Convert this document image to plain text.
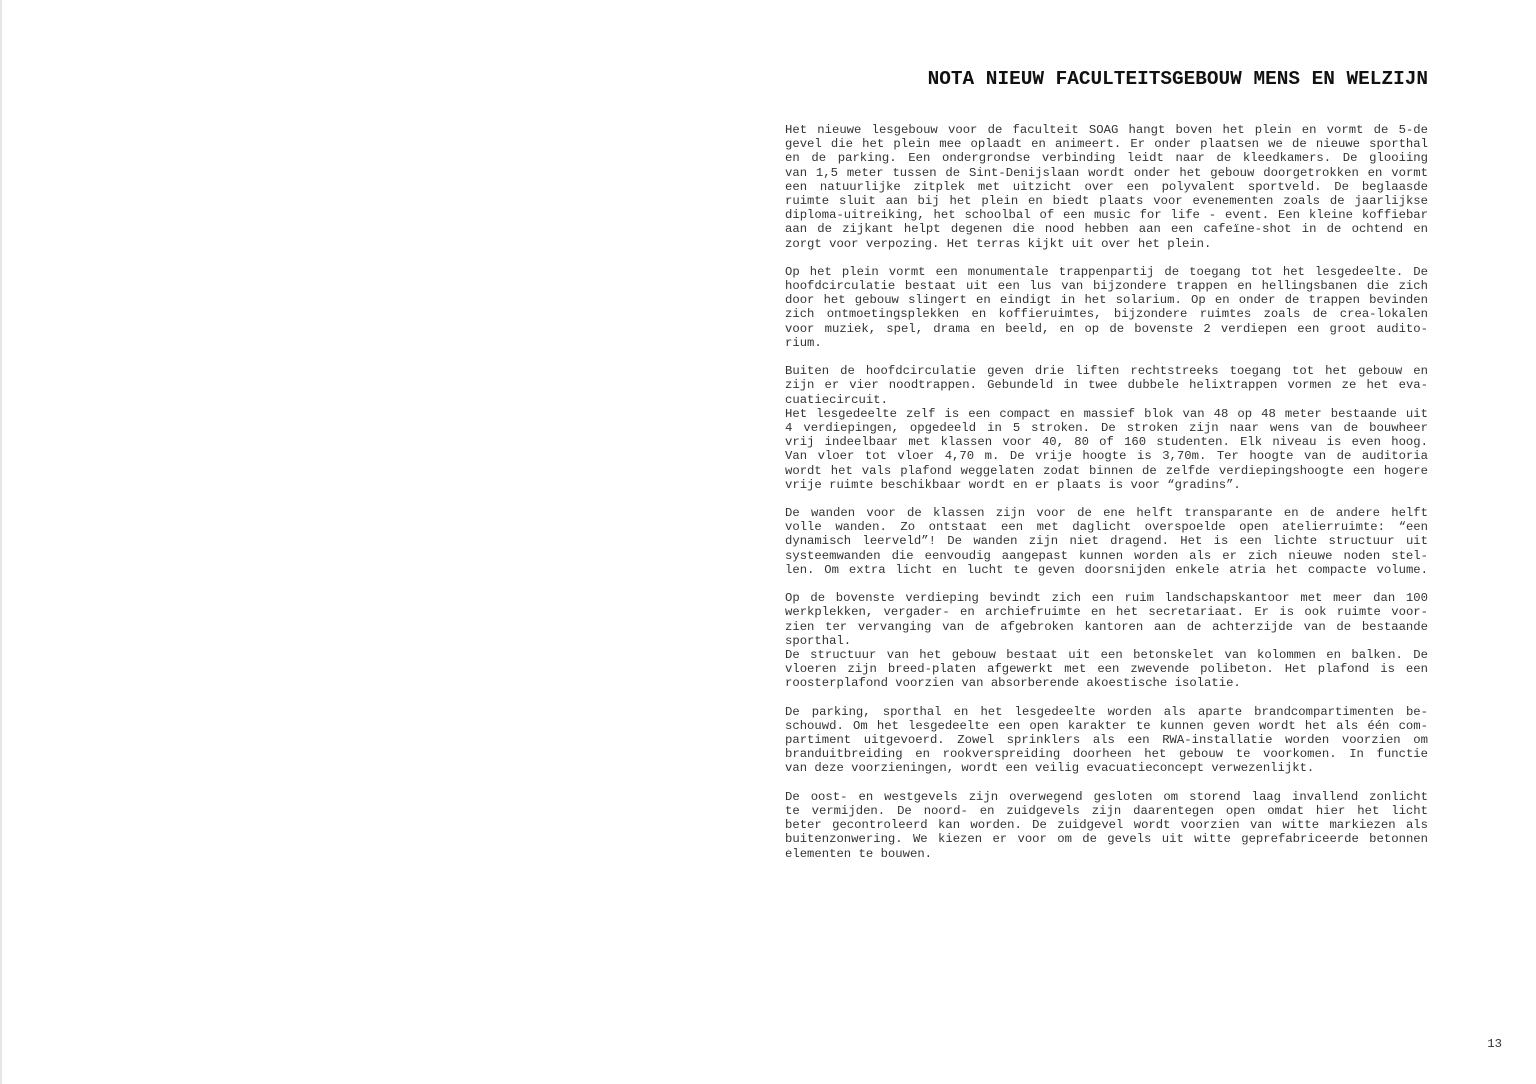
NOTA NIEUW FACULTEITSGEBOUW MENS EN WELZIJN
Het nieuwe lesgebouw voor de faculteit SOAG hangt boven het plein en vormt de 5-de
gevel die het plein mee oplaadt en animeert. Er onder plaatsen we de nieuwe sporthal
en de parking. Een ondergrondse verbinding leidt naar de kleedkamers. De glooiing
van 1,5 meter tussen de Sint-Denijslaan wordt onder het gebouw doorgetrokken en vormt
een natuurlijke zitplek met uitzicht over een polyvalent sportveld. De beglaasde
ruimte sluit aan bij het plein en biedt plaats voor evenementen zoals de jaarlijkse
diploma-uitreiking, het schoolbal of een music for life - event. Een kleine koffiebar
aan de zijkant helpt degenen die nood hebben aan een cafeïne-shot in de ochtend en
zorgt voor verpozing. Het terras kijkt uit over het plein.
Op het plein vormt een monumentale trappenpartij de toegang tot het lesgedeelte. De
hoofdcirculatie bestaat uit een lus van bijzondere trappen en hellingsbanen die zich
door het gebouw slingert en eindigt in het solarium. Op en onder de trappen bevinden
zich ontmoetingsplekken en koffieruimtes, bijzondere ruimtes zoals de crea-lokalen
voor muziek, spel, drama en beeld, en op de bovenste 2 verdiepen een groot audito-
rium.
Buiten de hoofdcirculatie geven drie liften rechtstreeks toegang tot het gebouw en
zijn er vier noodtrappen. Gebundeld in twee dubbele helixtrappen vormen ze het eva-
cuatiecircuit.
Het lesgedeelte zelf is een compact en massief blok van 48 op 48 meter bestaande uit
4 verdiepingen, opgedeeld in 5 stroken. De stroken zijn naar wens van de bouwheer
vrij indeelbaar met klassen voor 40, 80 of 160 studenten. Elk niveau is even hoog.
Van vloer tot vloer 4,70 m. De vrije hoogte is 3,70m. Ter hoogte van de auditoria
wordt het vals plafond weggelaten zodat binnen de zelfde verdiepingshoogte een hogere
vrije ruimte beschikbaar wordt en er plaats is voor “gradins”.
De wanden voor de klassen zijn voor de ene helft transparante en de andere helft
volle wanden. Zo ontstaat een met daglicht overspoelde open atelierruimte: “een
dynamisch leerveld”! De wanden zijn niet dragend. Het is een lichte structuur uit
systeemwanden die eenvoudig aangepast kunnen worden als er zich nieuwe noden stel-
len. Om extra licht en lucht te geven doorsnijden enkele atria het compacte volume.
Op de bovenste verdieping bevindt zich een ruim landschapskantoor met meer dan 100
werkplekken, vergader- en archiefruimte en het secretariaat. Er is ook ruimte voor-
zien ter vervanging van de afgebroken kantoren aan de achterzijde van de bestaande
sporthal.
De structuur van het gebouw bestaat uit een betonskelet van kolommen en balken. De
vloeren zijn breed-platen afgewerkt met een zwevende polibeton. Het plafond is een
roosterplafond voorzien van absorberende akoestische isolatie.
De parking, sporthal en het lesgedeelte worden als aparte brandcompartimenten be-
schouwd. Om het lesgedeelte een open karakter te kunnen geven wordt het als één com-
partiment uitgevoerd. Zowel sprinklers als een RWA-installatie worden voorzien om
branduitbreiding en rookverspreiding doorheen het gebouw te voorkomen. In functie
van deze voorzieningen, wordt een veilig evacuatieconcept verwezenlijkt.
De oost- en westgevels zijn overwegend gesloten om storend laag invallend zonlicht
te vermijden. De noord- en zuidgevels zijn daarentegen open omdat hier het licht
beter gecontroleerd kan worden. De zuidgevel wordt voorzien van witte markiezen als
buitenzonwering. We kiezen er voor om de gevels uit witte geprefabriceerde betonnen
elementen te bouwen.
13
